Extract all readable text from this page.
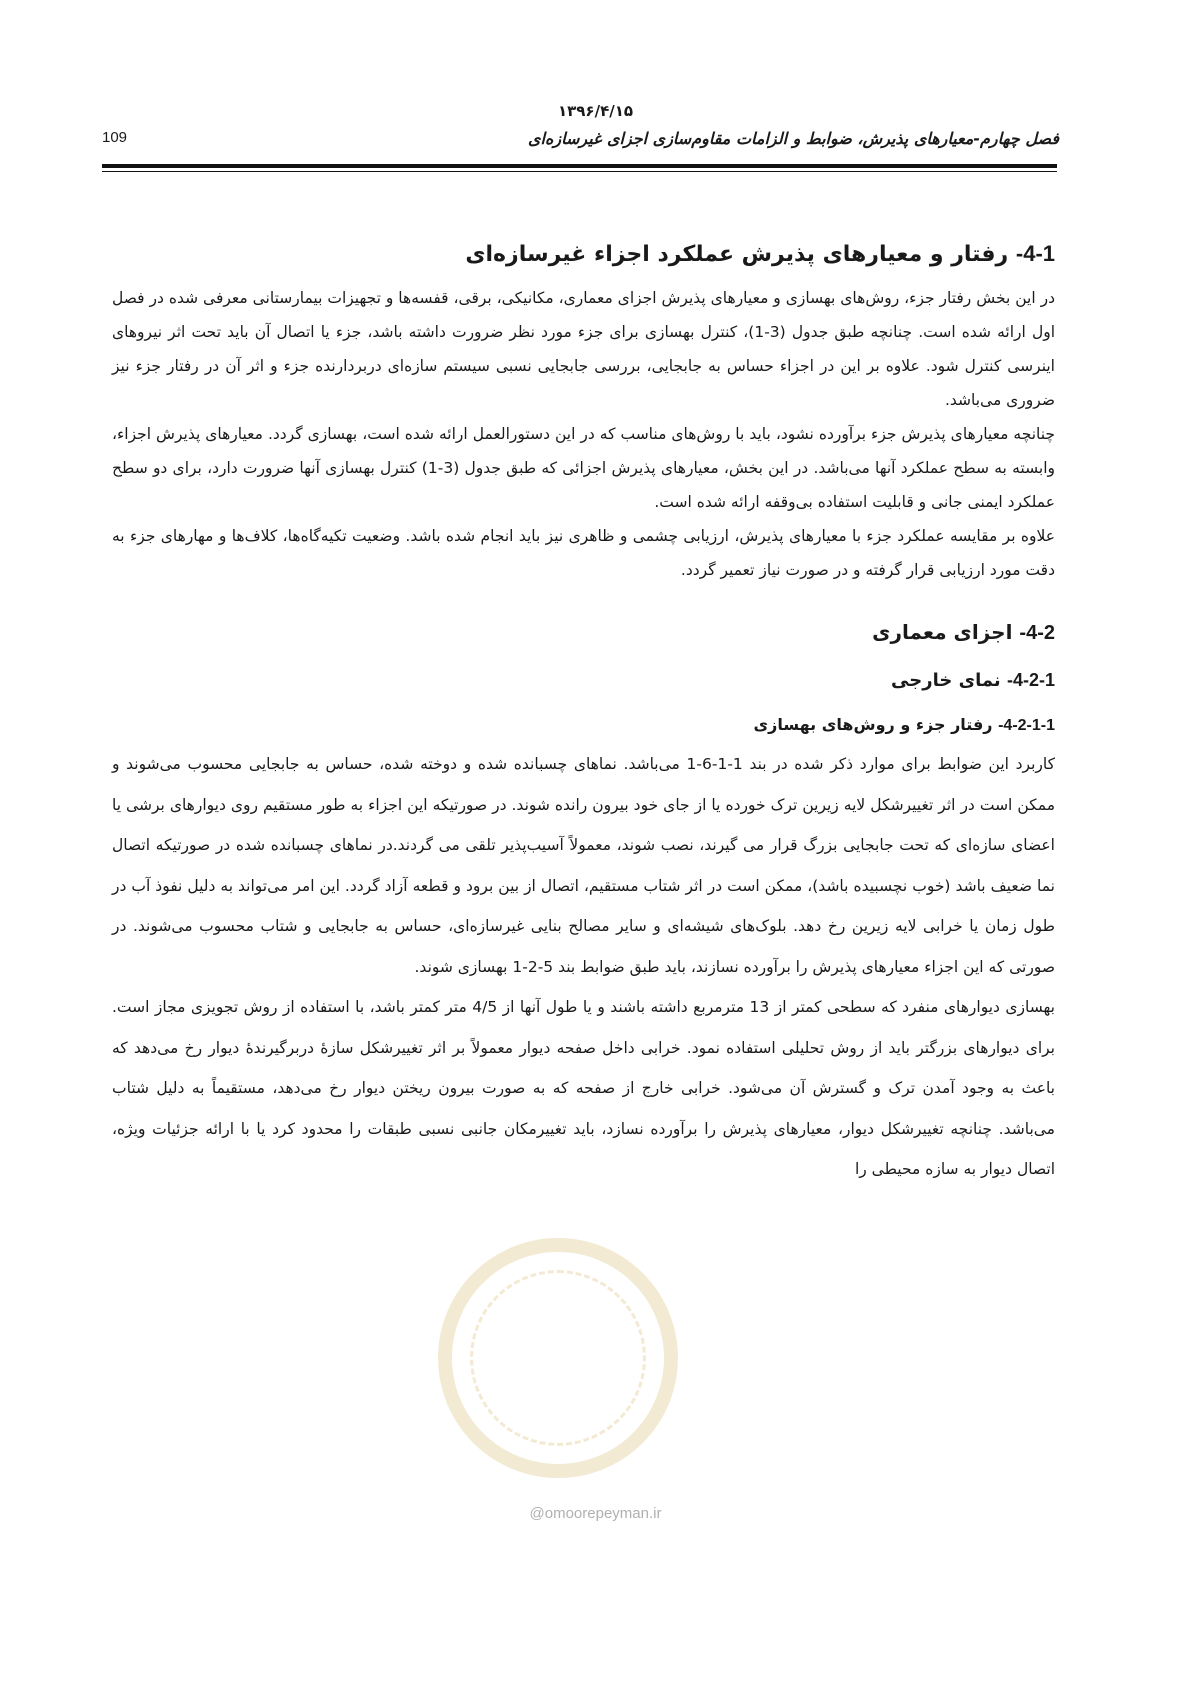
۱۳۹۶/۴/۱۵
فصل چهارم-معیارهای پذیرش، ضوابط و الزامات مقاوم‌سازی اجزای غیرسازه‌ای
109
4-1- رفتار و معیارهای پذیرش عملکرد اجزاء غیرسازه‌ای

در این بخش رفتار جزء، روش‌های بهسازی و معیارهای پذیرش اجزای معماری، مکانیکی، برقی، قفسه‌ها و تجهیزات بیمارستانی معرفی شده در فصل اول ارائه شده است. چنانچه طبق جدول (3-1)، کنترل بهسازی برای جزء مورد نظر ضرورت داشته باشد، جزء یا اتصال آن باید تحت اثر نیروهای اینرسی کنترل شود. علاوه بر این در اجزاء حساس به جابجایی، بررسی جابجایی نسبی سیستم سازه‌ای دربردارنده جزء و اثر آن در رفتار جزء نیز ضروری می‌باشد.

چنانچه معیارهای پذیرش جزء برآورده نشود، باید با روش‌های مناسب که در این دستورالعمل ارائه شده است، بهسازی گردد. معیارهای پذیرش اجزاء، وابسته به سطح عملکرد آنها می‌باشد. در این بخش، معیارهای پذیرش اجزائی که طبق جدول (3-1) کنترل بهسازی آنها ضرورت دارد، برای دو سطح عملکرد ایمنی جانی و قابلیت استفاده بی‌وقفه ارائه شده است.

علاوه بر مقایسه عملکرد جزء با معیارهای پذیرش، ارزیابی چشمی و ظاهری نیز باید انجام شده باشد. وضعیت تکیه‌گاه‌ها، کلاف‌ها و مهارهای جزء به دقت مورد ارزیابی قرار گرفته و در صورت نیاز تعمیر گردد.

4-2- اجزای معماری
4-2-1- نمای خارجی
4-2-1-1- رفتار جزء و روش‌های بهسازی

کاربرد این ضوابط برای موارد ذکر شده در بند 1-1-6-1 می‌باشد. نماهای چسبانده شده و دوخته شده، حساس به جابجایی محسوب می‌شوند و ممکن است در اثر تغییرشکل لایه زیرین ترک خورده یا از جای خود بیرون رانده شوند. در صورتیکه این اجزاء به طور مستقیم روی دیوارهای برشی یا اعضای سازه‌ای که تحت جابجایی بزرگ قرار می گیرند، نصب شوند، معمولاً آسیب‌پذیر تلقی می گردند.در نماهای چسبانده شده در صورتیکه اتصال نما ضعیف باشد (خوب نچسبیده باشد)، ممکن است در اثر شتاب مستقیم، اتصال از بین برود و قطعه آزاد گردد. این امر می‌تواند به دلیل نفوذ آب در طول زمان یا خرابی لایه زیرین رخ دهد. بلوک‌های شیشه‌ای و سایر مصالح بنایی غیرسازه‌ای، حساس به جابجایی و شتاب محسوب می‌شوند. در صورتی که این اجزاء معیارهای پذیرش را برآورده نسازند، باید طبق ضوابط بند 5-2-1 بهسازی شوند.

بهسازی دیوارهای منفرد که سطحی کمتر از 13 مترمربع داشته باشند و یا طول آنها از 4/5 متر کمتر باشد، با استفاده از روش تجویزی مجاز است. برای دیوارهای بزرگتر باید از روش تحلیلی استفاده نمود. خرابی داخل صفحه دیوار معمولاً بر اثر تغییرشکل سازهٔ دربرگیرندهٔ دیوار رخ می‌دهد که باعث به وجود آمدن ترک و گسترش آن می‌شود. خرابی خارج از صفحه که به صورت بیرون ریختن دیوار رخ می‌دهد، مستقیماً به دلیل شتاب می‌باشد. چنانچه تغییرشکل دیوار، معیارهای پذیرش را برآورده نسازد، باید تغییرمکان جانبی نسبی طبقات را محدود کرد یا با ارائه جزئیات ویژه، اتصال دیوار به سازه محیطی را

@omoorepeyman.ir
